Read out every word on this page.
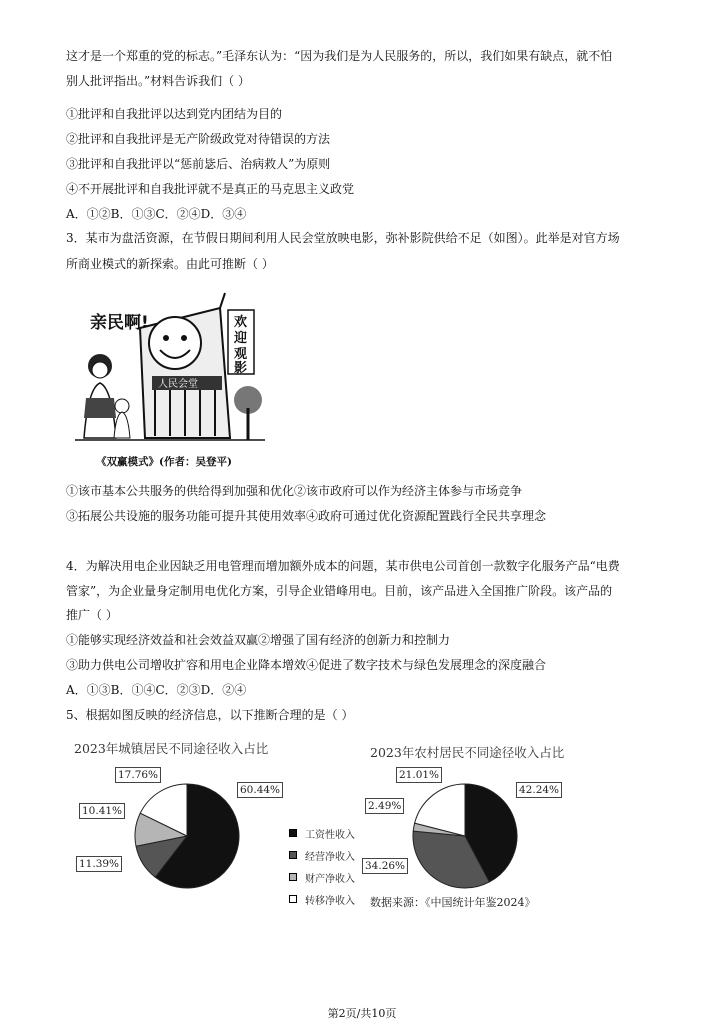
这才是一个郑重的党的标志。”毛泽东认为：“因为我们是为人民服务的，所以，我们如果有缺点，就不怕
别人批评指出。”材料告诉我们（ ）
①批评和自我批评以达到党内团结为目的
②批评和自我批评是无产阶级政党对待错误的方法
③批评和自我批评以“惩前毖后、治病救人”为原则
④不开展批评和自我批评就不是真正的马克思主义政党
A．①②B．①③C．②④D．③④
3．某市为盘活资源，在节假日期间利用人民会堂放映电影，弥补影院供给不足（如图）。此举是对官方场
所商业模式的新探索。由此可推断（ ）
亲民啊!
人民会堂
欢 迎 观 影
《双赢模式》(作者：吴登平)
①该市基本公共服务的供给得到加强和优化②该市政府可以作为经济主体参与市场竞争
③拓展公共设施的服务功能可提升其使用效率④政府可通过优化资源配置践行全民共享理念
4．为解决用电企业因缺乏用电管理而增加额外成本的问题，某市供电公司首创一款数字化服务产品“电费
管家”，为企业量身定制用电优化方案，引导企业错峰用电。目前，该产品进入全国推广阶段。该产品的
推广（ ）
①能够实现经济效益和社会效益双赢②增强了国有经济的创新力和控制力
③助力供电公司增收扩容和用电企业降本增效④促进了数字技术与绿色发展理念的深度融合
A．①③B．①④C．②③D．②④
5、根据如图反映的经济信息，以下推断合理的是（ ）
2023年城镇居民不同途径收入占比
60.44%
11.39%
10.41%
17.76%
工资性收入
经营净收入
财产净收入
转移净收入
2023年农村居民不同途径收入占比
42.24%
34.26%
2.49%
21.01%
数据来源：《中国统计年鉴2024》
第2页/共10页
